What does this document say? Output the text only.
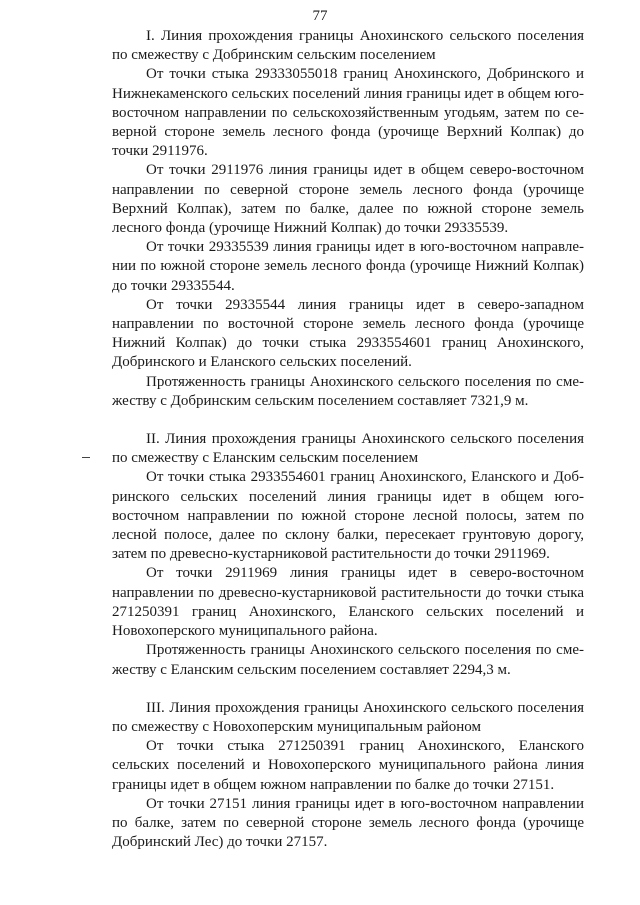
77

I. Линия прохождения границы Анохинского сельского поселения по смежеству с Добринским сельским поселением

От точки стыка 29333055018 границ Анохинского, Добринского и Нижнекаменского сельских поселений линия границы идет в общем юго-восточном направлении по сельскохозяйственным угодьям, затем по северной стороне земель лесного фонда (урочище Верхний Колпак) до точки 2911976.

От точки 2911976 линия границы идет в общем северо-восточном направлении по северной стороне земель лесного фонда (урочище Верхний Колпак), затем по балке, далее по южной стороне земель лесного фонда (урочище Нижний Колпак) до точки 29335539.

От точки 29335539 линия границы идет в юго-восточном направлении по южной стороне земель лесного фонда (урочище Нижний Колпак) до точки 29335544.

От точки 29335544 линия границы идет в северо-западном направлении по восточной стороне земель лесного фонда (урочище Нижний Колпак) до точки стыка 2933554601 границ Анохинского, Добринского и Еланского сельских поселений.

Протяженность границы Анохинского сельского поселения по смежеству с Добринским сельским поселением составляет 7321,9 м.

II. Линия прохождения границы Анохинского сельского поселения по смежеству с Еланским сельским поселением

От точки стыка 2933554601 границ Анохинского, Еланского и Добринского сельских поселений линия границы идет в общем юго-восточном направлении по южной стороне лесной полосы, затем по лесной полосе, далее по склону балки, пересекает грунтовую дорогу, затем по древесно-кустарниковой растительности до точки 2911969.

От точки 2911969 линия границы идет в северо-восточном направлении по древесно-кустарниковой растительности до точки стыка 271250391 границ Анохинского, Еланского сельских поселений и Новохоперского муниципального района.

Протяженность границы Анохинского сельского поселения по смежеству с Еланским сельским поселением составляет 2294,3 м.

III. Линия прохождения границы Анохинского сельского поселения по смежеству с Новохоперским муниципальным районом

От точки стыка 271250391 границ Анохинского, Еланского сельских поселений и Новохоперского муниципального района линия границы идет в общем южном направлении по балке до точки 27151.

От точки 27151 линия границы идет в юго-восточном направлении по балке, затем по северной стороне земель лесного фонда (урочище Добринский Лес) до точки 27157.
